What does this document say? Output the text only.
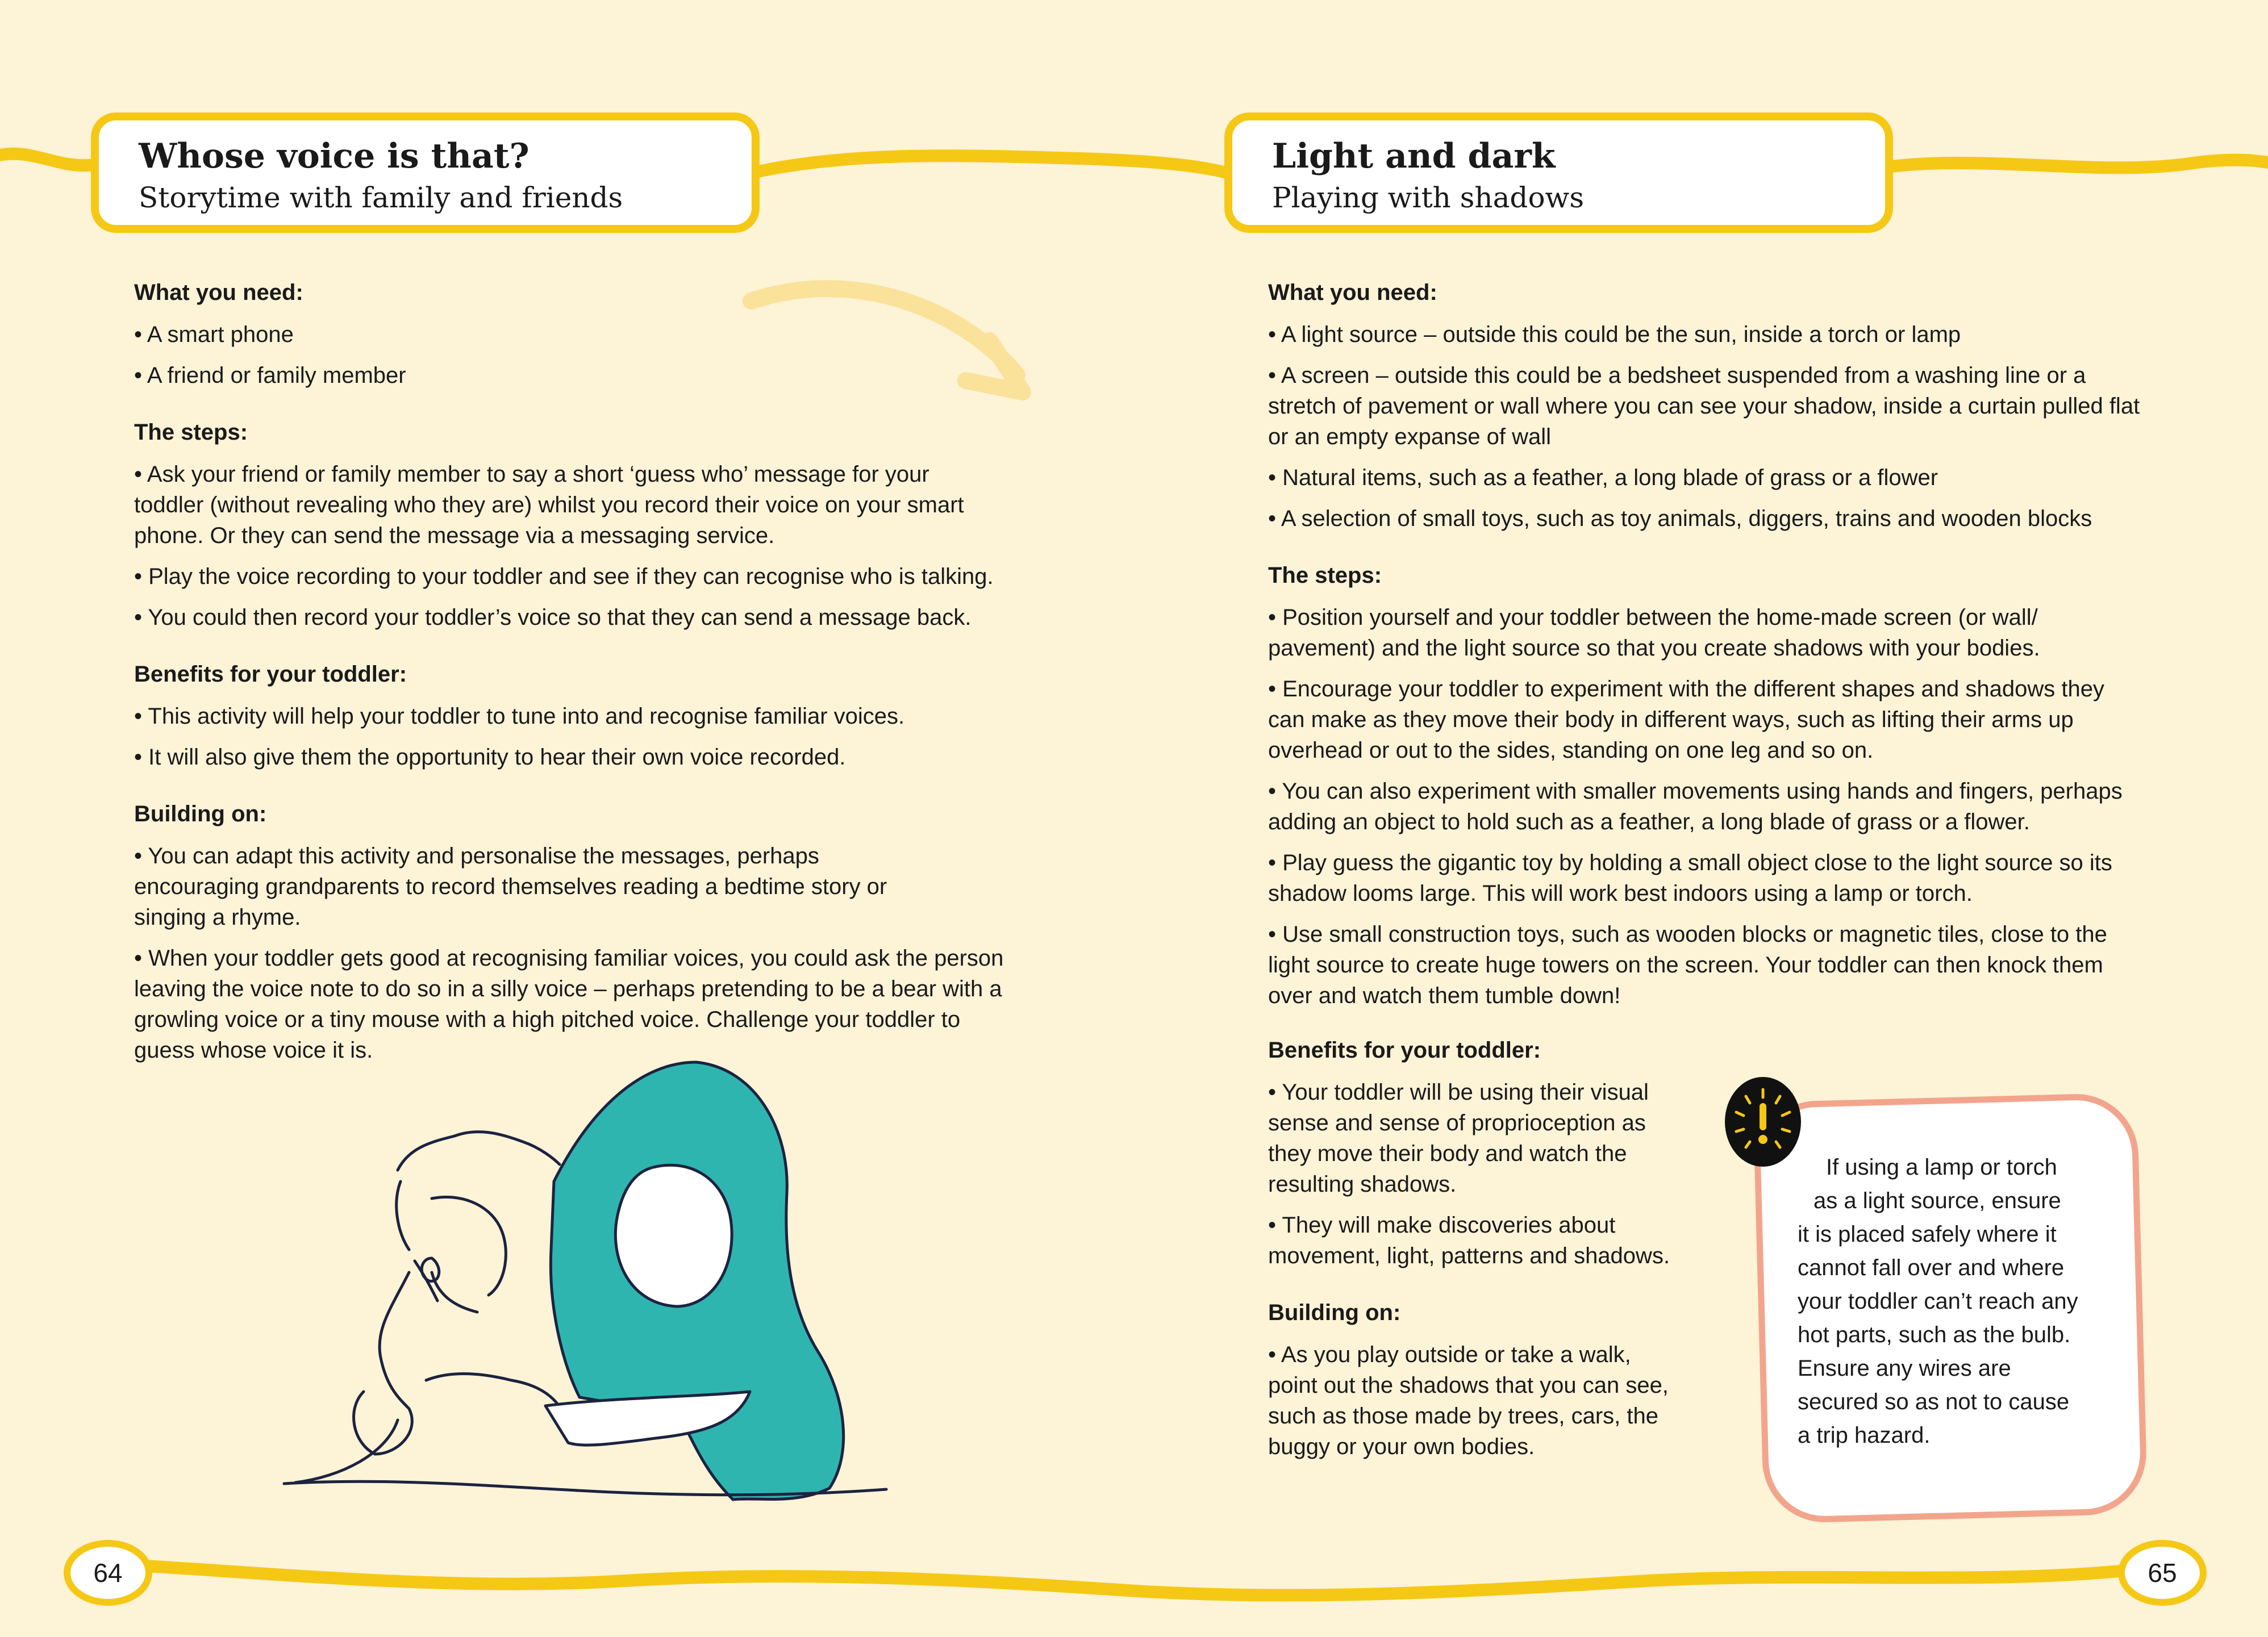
Whose voice is that?
Storytime with family and friends
What you need:
• A smart phone
• A friend or family member
The steps:
• Ask your friend or family member to say a short ‘guess who’ message for your toddler (without revealing who they are) whilst you record their voice on your smart phone. Or they can send the message via a messaging service.
• Play the voice recording to your toddler and see if they can recognise who is talking.
• You could then record your toddler’s voice so that they can send a message back.
Benefits for your toddler:
• This activity will help your toddler to tune into and recognise familiar voices.
• It will also give them the opportunity to hear their own voice recorded.
Building on:
• You can adapt this activity and personalise the messages, perhaps encouraging grandparents to record themselves reading a bedtime story or singing a rhyme.
• When your toddler gets good at recognising familiar voices, you could ask the person leaving the voice note to do so in a silly voice – perhaps pretending to be a bear with a growling voice or a tiny mouse with a high pitched voice. Challenge your toddler to guess whose voice it is.
64
Light and dark
Playing with shadows
What you need:
• A light source – outside this could be the sun, inside a torch or lamp
• A screen – outside this could be a bedsheet suspended from a washing line or a stretch of pavement or wall where you can see your shadow, inside a curtain pulled flat or an empty expanse of wall
• Natural items, such as a feather, a long blade of grass or a flower
• A selection of small toys, such as toy animals, diggers, trains and wooden blocks
The steps:
• Position yourself and your toddler between the home-made screen (or wall/ pavement) and the light source so that you create shadows with your bodies.
• Encourage your toddler to experiment with the different shapes and shadows they can make as they move their body in different ways, such as lifting their arms up overhead or out to the sides, standing on one leg and so on.
• You can also experiment with smaller movements using hands and fingers, perhaps adding an object to hold such as a feather, a long blade of grass or a flower.
• Play guess the gigantic toy by holding a small object close to the light source so its shadow looms large. This will work best indoors using a lamp or torch.
• Use small construction toys, such as wooden blocks or magnetic tiles, close to the light source to create huge towers on the screen. Your toddler can then knock them over and watch them tumble down!
Benefits for your toddler:
• Your toddler will be using their visual sense and sense of proprioception as they move their body and watch the resulting shadows.
• They will make discoveries about movement, light, patterns and shadows.
Building on:
• As you play outside or take a walk, point out the shadows that you can see, such as those made by trees, cars, the buggy or your own bodies.
If using a lamp or torch
as a light source, ensure
it is placed safely where it
cannot fall over and where
your toddler can’t reach any
hot parts, such as the bulb.
Ensure any wires are
secured so as not to cause
a trip hazard.
65
